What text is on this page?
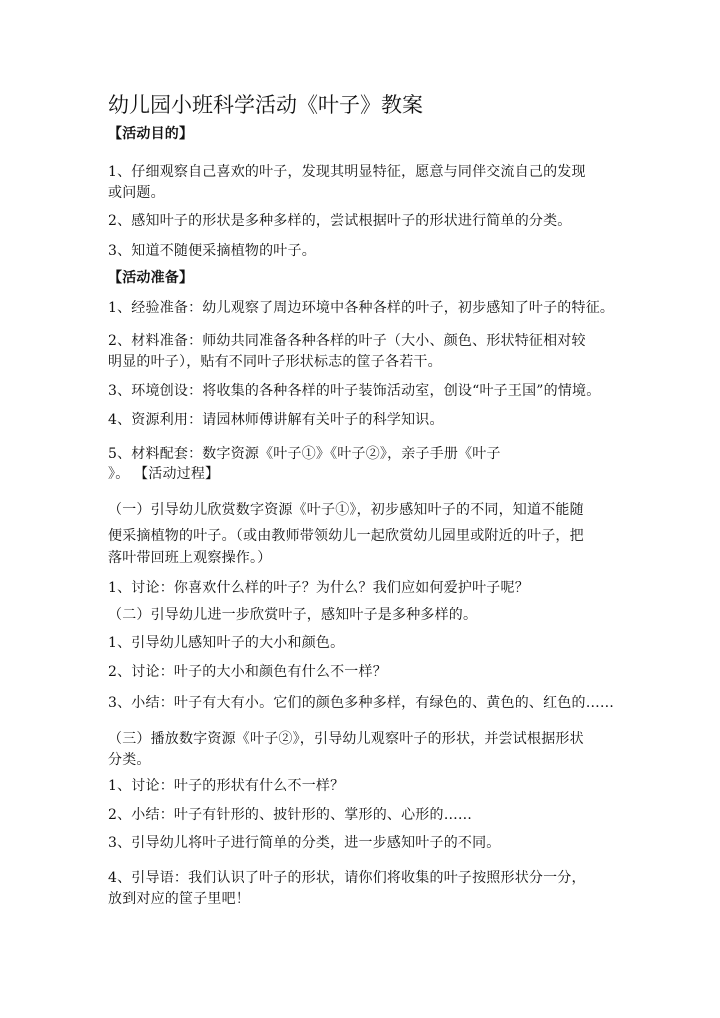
幼儿园小班科学活动《叶子》教案
【活动目的】
1、仔细观察自己喜欢的叶子，发现其明显特征，愿意与同伴交流自己的发现
或问题。
2、感知叶子的形状是多种多样的，尝试根据叶子的形状进行简单的分类。
3、知道不随便采摘植物的叶子。
【活动准备】
1、经验准备：幼儿观察了周边环境中各种各样的叶子，初步感知了叶子的特征。
2、材料准备：师幼共同准备各种各样的叶子（大小、颜色、形状特征相对较
明显的叶子），贴有不同叶子形状标志的筐子各若干。
3、环境创设：将收集的各种各样的叶子装饰活动室，创设“叶子王国”的情境。
4、资源利用：请园林师傅讲解有关叶子的科学知识。
5、材料配套：数字资源《叶子①》《叶子②》，亲子手册《叶子
》。 【活动过程】
（一）引导幼儿欣赏数字资源《叶子①》，初步感知叶子的不同，知道不能随
便采摘植物的叶子。（或由教师带领幼儿一起欣赏幼儿园里或附近的叶子，把
落叶带回班上观察操作。）
1、讨论：你喜欢什么样的叶子？为什么？我们应如何爱护叶子呢？
（二）引导幼儿进一步欣赏叶子，感知叶子是多种多样的。
1、引导幼儿感知叶子的大小和颜色。
2、讨论：叶子的大小和颜色有什么不一样？
3、小结：叶子有大有小。它们的颜色多种多样，有绿色的、黄色的、红色的……
（三）播放数字资源《叶子②》，引导幼儿观察叶子的形状，并尝试根据形状
分类。
1、讨论：叶子的形状有什么不一样？
2、小结：叶子有针形的、披针形的、掌形的、心形的……
3、引导幼儿将叶子进行简单的分类，进一步感知叶子的不同。
4、引导语：我们认识了叶子的形状，请你们将收集的叶子按照形状分一分，
放到对应的筐子里吧！
